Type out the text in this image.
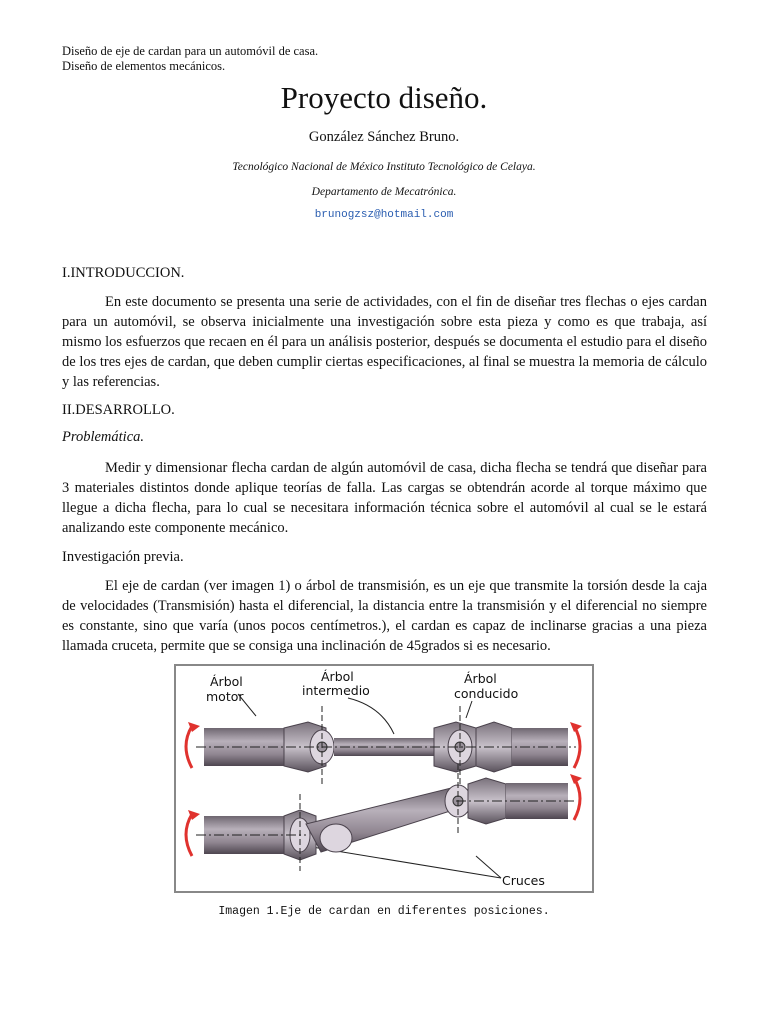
Diseño de eje de cardan para un automóvil de casa.
Diseño de elementos mecánicos.
Proyecto diseño.
González Sánchez Bruno.
Tecnológico Nacional de México Instituto Tecnológico de Celaya.
Departamento de Mecatrónica.
brunogzsz@hotmail.com
I.INTRODUCCION.

En este documento se presenta una serie de actividades, con el fin de diseñar tres flechas o ejes cardan para un automóvil, se observa inicialmente una investigación sobre esta pieza y como es que trabaja, así mismo los esfuerzos que recaen en él para un análisis posterior, después se documenta el estudio para el diseño de los tres ejes de cardan, que deben cumplir ciertas especificaciones, al final se muestra la memoria de cálculo y las referencias.

II.DESARROLLO.
Problemática.

Medir y dimensionar flecha cardan de algún automóvil de casa, dicha flecha se tendrá que diseñar para 3 materiales distintos donde aplique teorías de falla. Las cargas se obtendrán acorde al torque máximo que llegue a dicha flecha, para lo cual se necesitara información técnica sobre el automóvil al cual se le estará analizando este componente mecánico.

Investigación previa.

El eje de cardan (ver imagen 1) o árbol de transmisión, es un eje que transmite la torsión desde la caja de velocidades (Transmisión) hasta el diferencial, la distancia entre la transmisión y el diferencial no siempre es constante, sino que varía (unos pocos centímetros.), el cardan es capaz de inclinarse gracias a una pieza llamada cruceta, permite que se consiga una inclinación de 45grados si es necesario.

Árbol
motor
Árbol
intermedio
Árbol
conducido
Cruces
Imagen 1.Eje de cardan en diferentes posiciones.
